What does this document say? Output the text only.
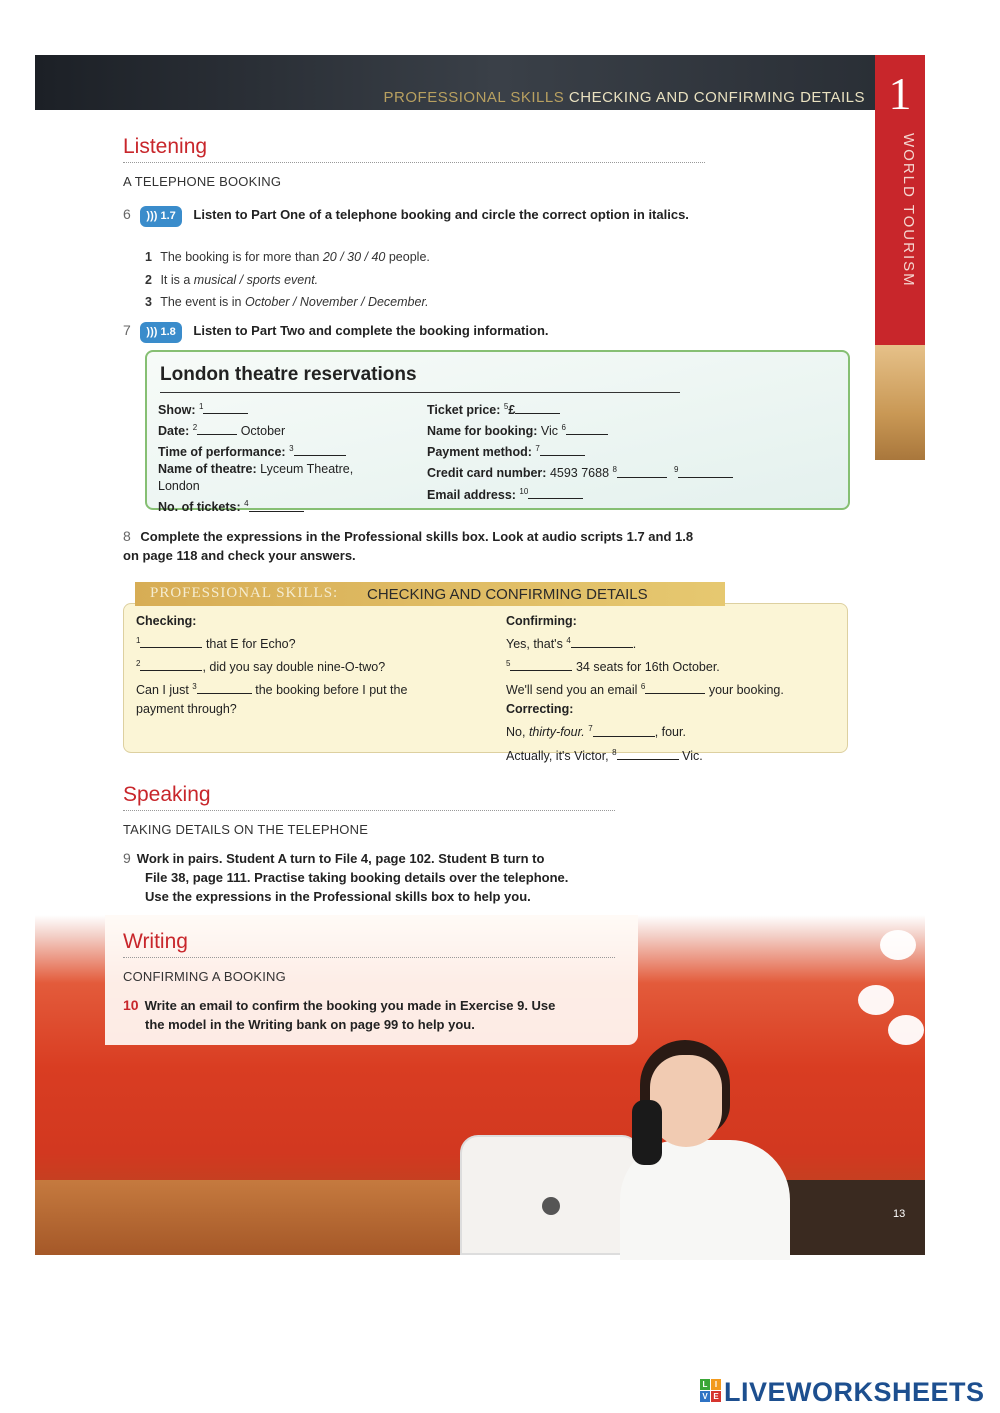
PROFESSIONAL SKILLS CHECKING AND CONFIRMING DETAILS 1
WORLD TOURISM
Listening
A TELEPHONE BOOKING
6 ))) 1.7 Listen to Part One of a telephone booking and circle the correct option in italics.
1 The booking is for more than 20 / 30 / 40 people.
2 It is a musical / sports event.
3 The event is in October / November / December.
7 ))) 1.8 Listen to Part Two and complete the booking information.
London theatre reservations
Show: $^1$
Date: $^2$	October
Time of performance: $^3$
Name of theatre: Lyceum Theatre,
London
No. of tickets: $^4$
Ticket price: $^5$£
Name for booking: Vic $^6$
Payment method: $^7$
Credit card number: 4593 7688 $^8$	$^9$
Email address: $^{10}$
8 Complete the expressions in the Professional skills box. Look at audio scripts 1.7 and 1.8 on page 118 and check your answers.
Checking:
$^1$	that E for Echo?
$^2$	, did you say double nine-O-two?
Can I just $^3$	the booking before I put the
payment through?
Confirming:
Yes, that's $^4$	.
$^5$	34 seats for 16th October.
We'll send you an email $^6$	your booking.
Correcting:
No, thirty-four. $^7$	, four.
Actually, it's Victor, $^8$	Vic.
PROFESSIONAL SKILLS: CHECKING AND CONFIRMING DETAILS
Speaking
TAKING DETAILS ON THE TELEPHONE
9 Work in pairs. Student A turn to File 4, page 102. Student B turn to
File 38, page 111. Practise taking booking details over the telephone.
Use the expressions in the Professional skills box to help you.
Writing
CONFIRMING A BOOKING
10 Write an email to confirm the booking you made in Exercise 9. Use
the model in the Writing bank on page 99 to help you.
13
L I
V E LIVEWORKSHEETS
